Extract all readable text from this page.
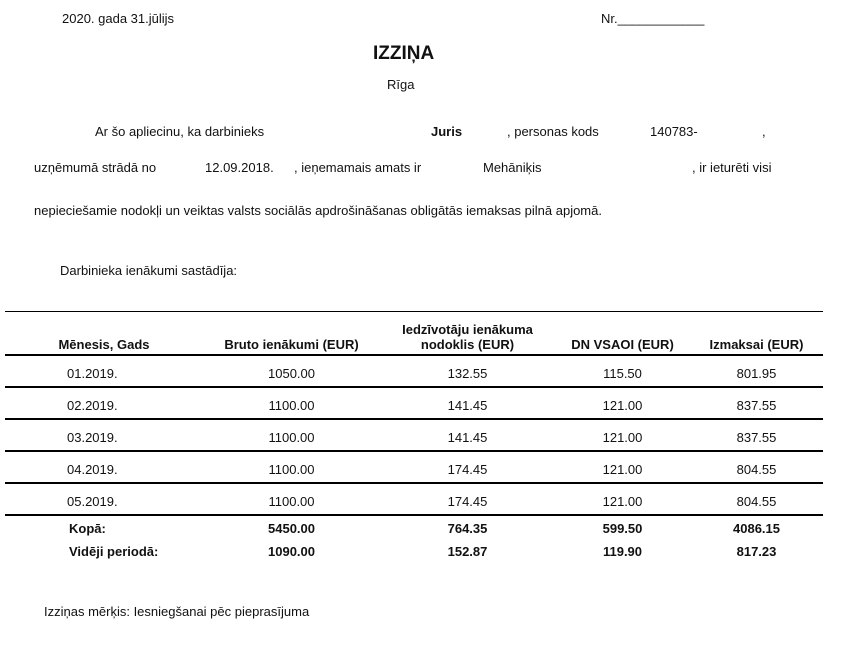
2020. gada 31.jūlijs	Nr.____________
IZZIŅA
Rīga
Ar šo apliecinu, ka darbinieks	Juris	, personas kods	140783-	,
uzņēmumā strādā no	12.09.2018. , ieņemamais amats ir	Mehāniķis	, ir ieturēti visi
nepieciešamie nodokļi un veiktas valsts sociālās apdrošināšanas obligātās iemaksas pilnā apjomā.
Darbinieka ienākumi sastādīja:
Mēnesis, Gads	Bruto ienākumi (EUR)	Iedzīvotāju ienākuma
nodoklis (EUR)	DN VSAOI (EUR)	Izmaksai (EUR)
01.2019.	1050.00	132.55	115.50	801.95
02.2019.	1100.00	141.45	121.00	837.55
03.2019.	1100.00	141.45	121.00	837.55
04.2019.	1100.00	174.45	121.00	804.55
05.2019.	1100.00	174.45	121.00	804.55
Kopā:	5450.00	764.35	599.50	4086.15
Vidēji periodā:	1090.00	152.87	119.90	817.23
Izziņas mērķis: Iesniegšanai pēc pieprasījuma
